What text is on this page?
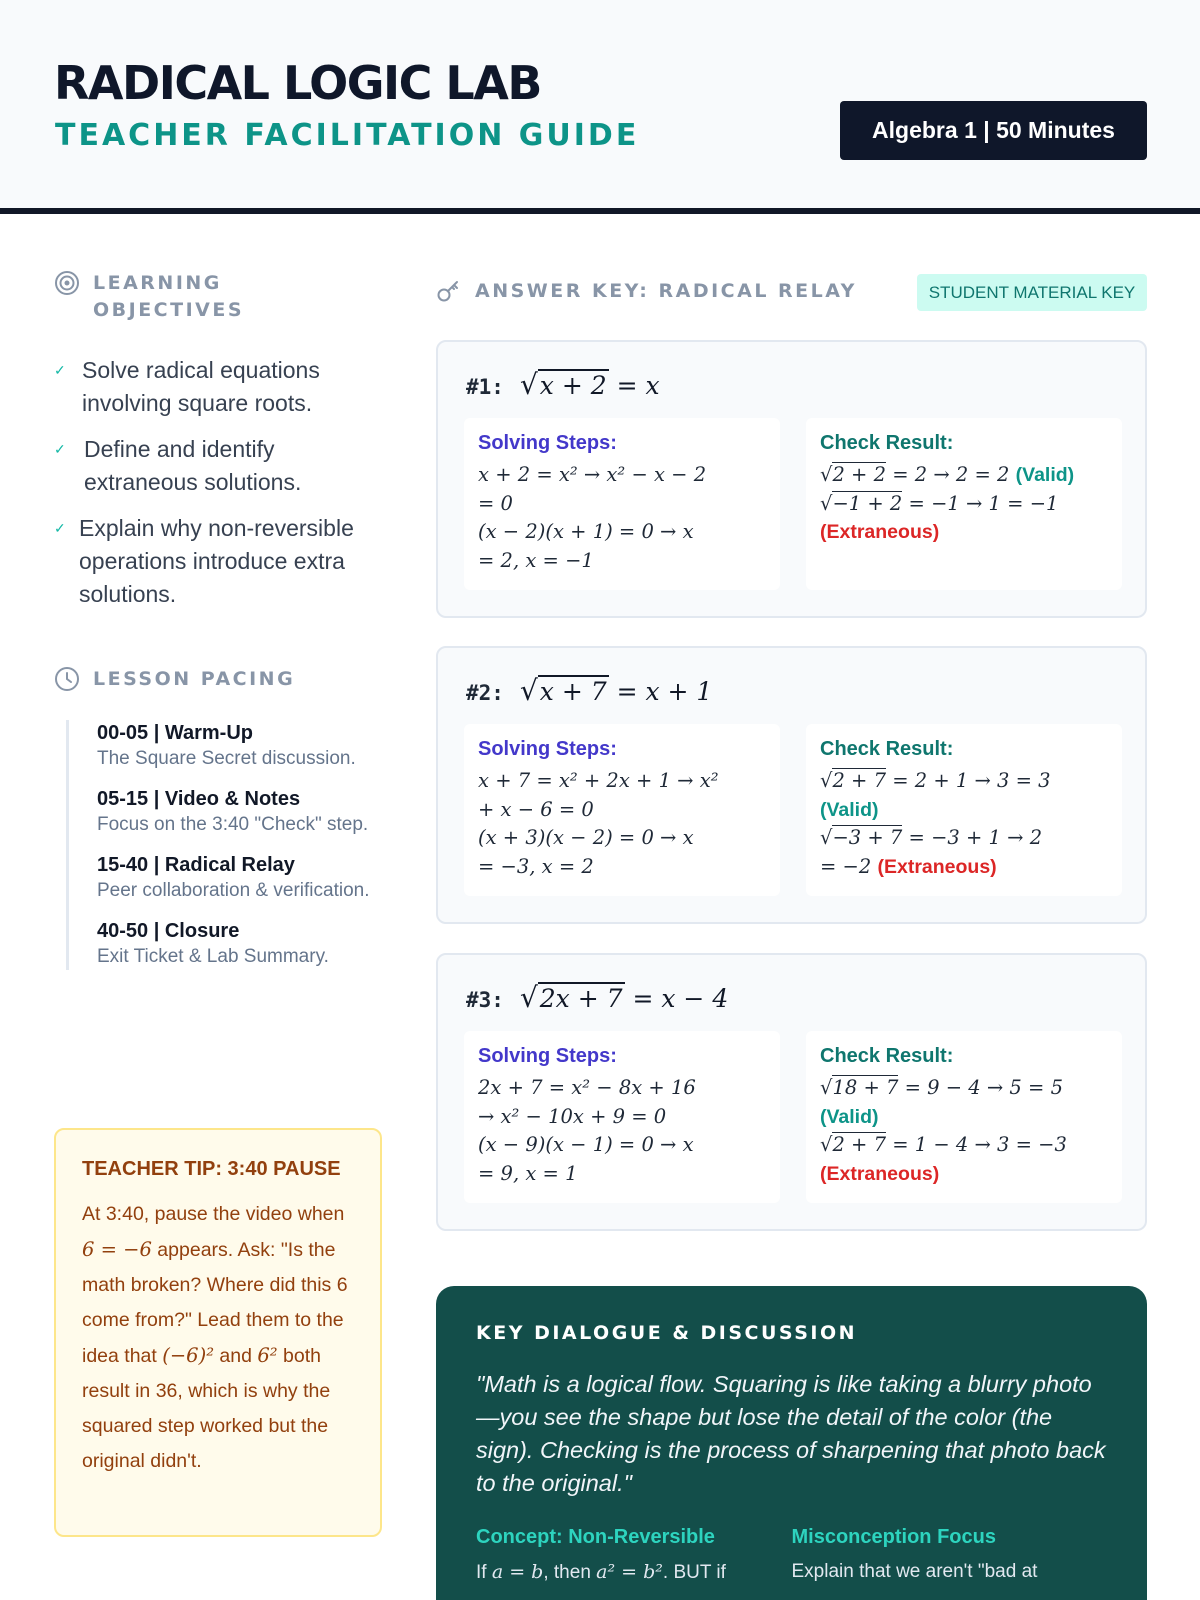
RADICAL LOGIC LAB
TEACHER FACILITATION GUIDE	Algebra 1 | 50 Minutes
LEARNING
OBJECTIVES
✓ Solve radical equations involving square roots.
✓ Define and identify extraneous solutions.
✓ Explain why non-reversible operations introduce extra solutions.
LESSON PACING
00-05 | Warm-Up
The Square Secret discussion.
05-15 | Video & Notes
Focus on the 3:40 "Check" step.
15-40 | Radical Relay
Peer collaboration & verification.
40-50 | Closure
Exit Ticket & Lab Summary.
TEACHER TIP: 3:40 PAUSE
At 3:40, pause the video when 6 = −6 appears. Ask: "Is the math broken? Where did this 6 come from?" Lead them to the idea that (−6)² and 6² both result in 36, which is why the squared step worked but the original didn't.
ANSWER KEY: RADICAL RELAY	STUDENT MATERIAL KEY
#1: √x + 2 = x
Solving Steps:
x + 2 = x² → x² − x − 2
= 0
(x − 2)(x + 1) = 0 → x
= 2, x = −1
Check Result:
√2 + 2 = 2 → 2 = 2 (Valid)
√−1 + 2 = −1 → 1 = −1
(Extraneous)
#2: √x + 7 = x + 1
Solving Steps:
x + 7 = x² + 2x + 1 → x²
+ x − 6 = 0
(x + 3)(x − 2) = 0 → x
= −3, x = 2
Check Result:
√2 + 7 = 2 + 1 → 3 = 3
(Valid)
√−3 + 7 = −3 + 1 → 2
= −2 (Extraneous)
#3: √2x + 7 = x − 4
Solving Steps:
2x + 7 = x² − 8x + 16
→ x² − 10x + 9 = 0
(x − 9)(x − 1) = 0 → x
= 9, x = 1
Check Result:
√18 + 7 = 9 − 4 → 5 = 5
(Valid)
√2 + 7 = 1 − 4 → 3 = −3
(Extraneous)
KEY DIALOGUE & DISCUSSION
"Math is a logical flow. Squaring is like taking a blurry photo—you see the shape but lose the detail of the color (the sign). Checking is the process of sharpening that photo back to the original."
Concept: Non-Reversible
If a = b, then a² = b². BUT if
Misconception Focus
Explain that we aren't "bad at
